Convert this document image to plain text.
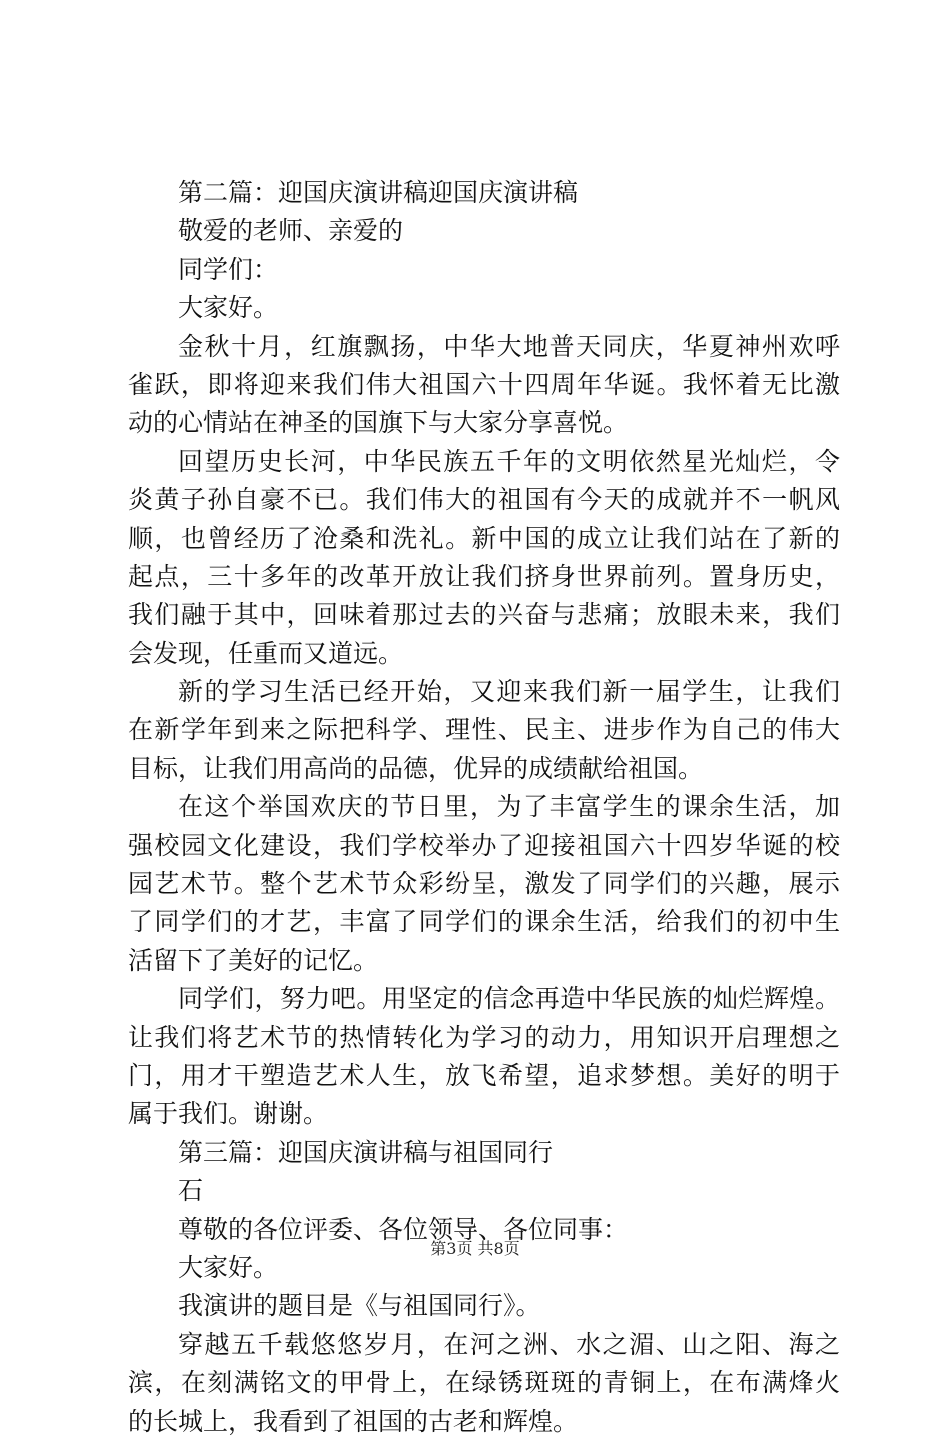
第二篇：迎国庆演讲稿迎国庆演讲稿
敬爱的老师、亲爱的
同学们：
大家好。
金秋十月，红旗飘扬，中华大地普天同庆，华夏神州欢呼
雀跃，即将迎来我们伟大祖国六十四周年华诞。我怀着无比激
动的心情站在神圣的国旗下与大家分享喜悦。
回望历史长河，中华民族五千年的文明依然星光灿烂，令
炎黄子孙自豪不已。我们伟大的祖国有今天的成就并不一帆风
顺，也曾经历了沧桑和洗礼。新中国的成立让我们站在了新的
起点，三十多年的改革开放让我们挤身世界前列。置身历史，
我们融于其中，回味着那过去的兴奋与悲痛；放眼未来，我们
会发现，任重而又道远。
新的学习生活已经开始，又迎来我们新一届学生，让我们
在新学年到来之际把科学、理性、民主、进步作为自己的伟大
目标，让我们用高尚的品德，优异的成绩献给祖国。
在这个举国欢庆的节日里，为了丰富学生的课余生活，加
强校园文化建设，我们学校举办了迎接祖国六十四岁华诞的校
园艺术节。整个艺术节众彩纷呈，激发了同学们的兴趣，展示
了同学们的才艺，丰富了同学们的课余生活，给我们的初中生
活留下了美好的记忆。
同学们，努力吧。用坚定的信念再造中华民族的灿烂辉煌。
让我们将艺术节的热情转化为学习的动力，用知识开启理想之
门，用才干塑造艺术人生，放飞希望，追求梦想。美好的明于
属于我们。谢谢。
第三篇：迎国庆演讲稿与祖国同行
石
尊敬的各位评委、各位领导、各位同事：
大家好。
我演讲的题目是《与祖国同行》。
穿越五千载悠悠岁月，在河之洲、水之湄、山之阳、海之
滨，在刻满铭文的甲骨上，在绿锈斑斑的青铜上，在布满烽火
的长城上，我看到了祖国的古老和辉煌。
第3页 共8页
